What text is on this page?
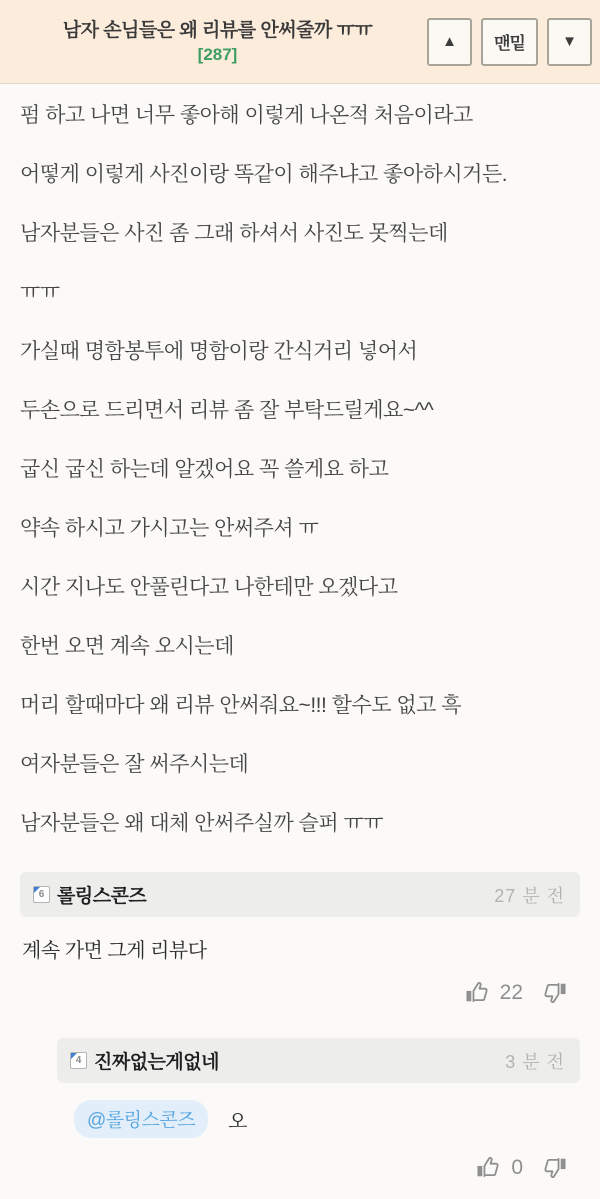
남자 손님들은 왜 리뷰를 안써줄까 ㅠㅠ
[287]
▲	맨밑	▼

펌 하고 나면 너무 좋아해 이렇게 나온적 처음이라고

어떻게 이렇게 사진이랑 똑같이 해주냐고 좋아하시거든.

남자분들은 사진 좀 그래 하셔서 사진도 못찍는데

ㅠㅠ

가실때 명함봉투에 명함이랑 간식거리 넣어서

두손으로 드리면서 리뷰 좀 잘 부탁드릴게요~^^

굽신 굽신 하는데 알겠어요 꼭 쓸게요 하고

약속 하시고 가시고는 안써주셔 ㅠ

시간 지나도 안풀린다고 나한테만 오겠다고

한번 오면 계속 오시는데

머리 할때마다 왜 리뷰 안써줘요~!!! 할수도 없고 흑

여자분들은 잘 써주시는데

남자분들은 왜 대체 안써주실까 슬퍼 ㅠㅠ

6 롤링스콘즈	27 분 전
계속 가면 그게 리뷰다
22
4 진짜없는게없네	3 분 전
@롤링스콘즈	오
0
